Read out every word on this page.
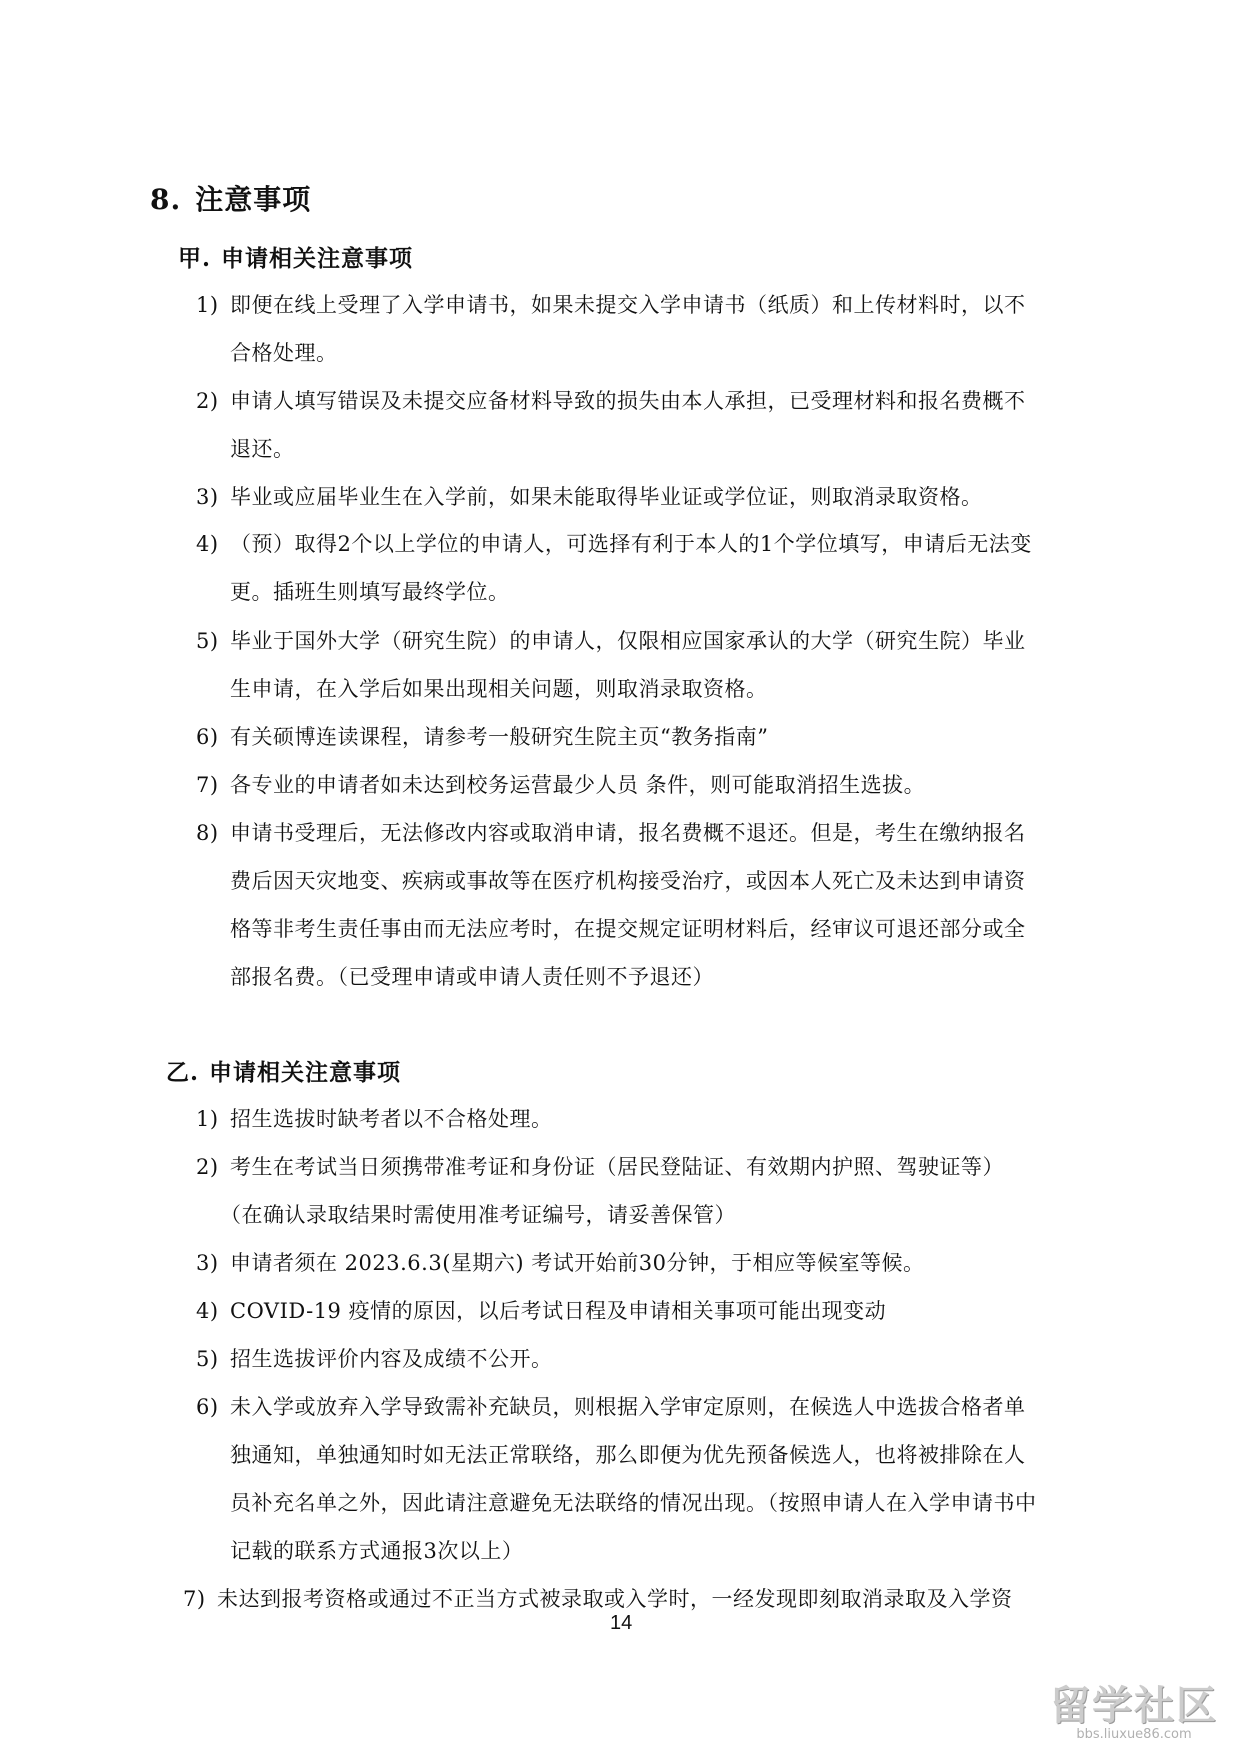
8. 注意事项
甲. 申请相关注意事项
1) 即便在线上受理了入学申请书，如果未提交入学申请书（纸质）和上传材料时，以不
合格处理。
2) 申请人填写错误及未提交应备材料导致的损失由本人承担，已受理材料和报名费概不
退还。
3) 毕业或应届毕业生在入学前，如果未能取得毕业证或学位证，则取消录取资格。
4) （预）取得2个以上学位的申请人，可选择有利于本人的1个学位填写，申请后无法变
更。插班生则填写最终学位。
5) 毕业于国外大学（研究生院）的申请人，仅限相应国家承认的大学（研究生院）毕业
生申请，在入学后如果出现相关问题，则取消录取资格。
6) 有关硕博连读课程，请参考一般研究生院主页“教务指南”
7) 各专业的申请者如未达到校务运营最少人员 条件，则可能取消招生选拔。
8) 申请书受理后，无法修改内容或取消申请，报名费概不退还。但是，考生在缴纳报名
费后因天灾地变、疾病或事故等在医疗机构接受治疗，或因本人死亡及未达到申请资
格等非考生责任事由而无法应考时，在提交规定证明材料后，经审议可退还部分或全
部报名费。（已受理申请或申请人责任则不予退还）
乙. 申请相关注意事项
1) 招生选拔时缺考者以不合格处理。
2) 考生在考试当日须携带准考证和身份证（居民登陆证、有效期内护照、驾驶证等）
（在确认录取结果时需使用准考证编号，请妥善保管）
3) 申请者须在 2023.6.3(星期六) 考试开始前30分钟，于相应等候室等候。
4) COVID-19 疫情的原因，以后考试日程及申请相关事项可能出现变动
5) 招生选拔评价内容及成绩不公开。
6) 未入学或放弃入学导致需补充缺员，则根据入学审定原则，在候选人中选拔合格者单
独通知，单独通知时如无法正常联络，那么即便为优先预备候选人，也将被排除在人
员补充名单之外，因此请注意避免无法联络的情况出现。（按照申请人在入学申请书中
记载的联系方式通报3次以上）
7) 未达到报考资格或通过不正当方式被录取或入学时，一经发现即刻取消录取及入学资
14
留学社区
bbs.liuxue86.com
